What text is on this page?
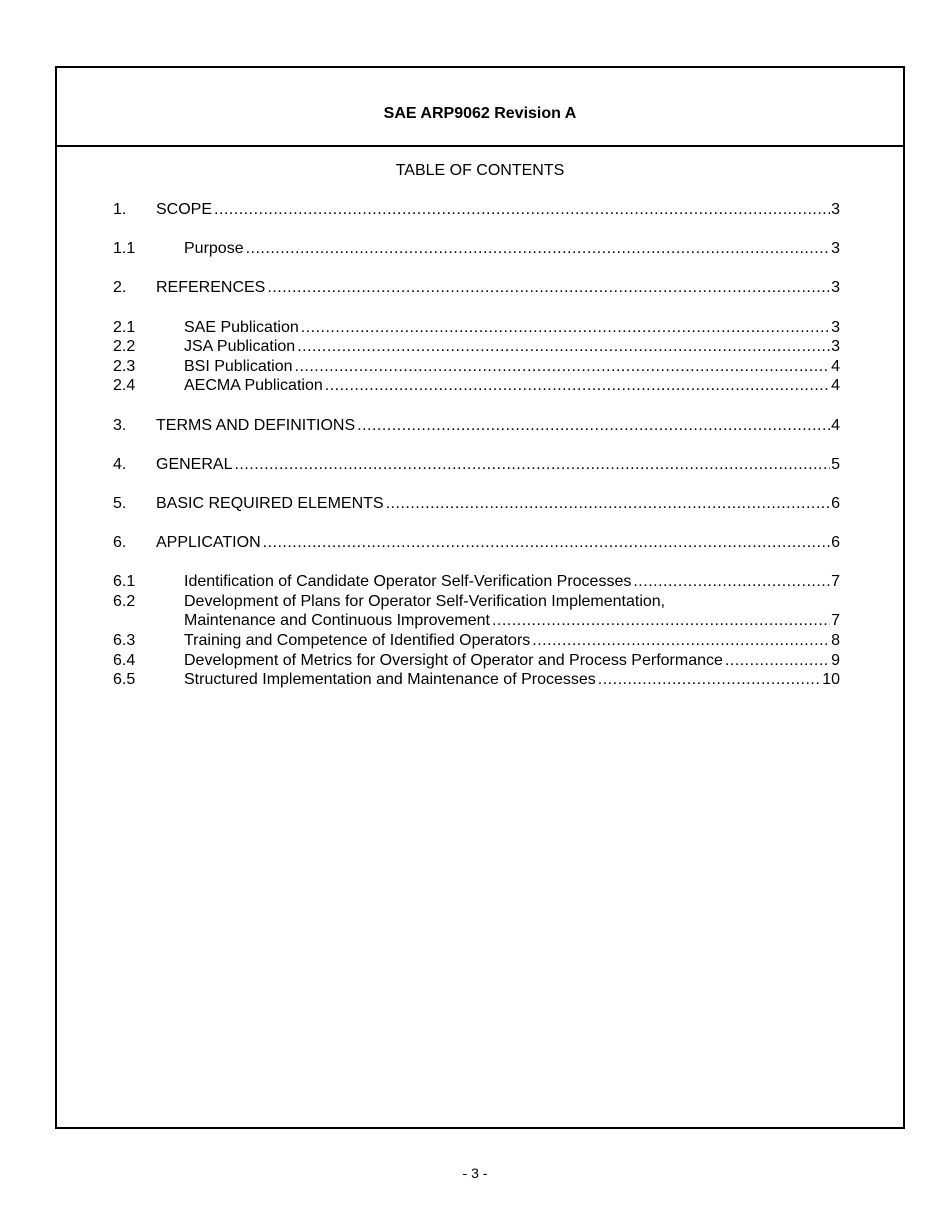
SAE ARP9062 Revision A
TABLE OF CONTENTS
1. SCOPE .....	3
1.1	Purpose .....	3
2. REFERENCES .....	3
2.1	SAE Publication .....	3
2.2	JSA Publication .....	3
2.3	BSI Publication .....	4
2.4	AECMA Publication .....	4
3. TERMS AND DEFINITIONS .....	4
4. GENERAL .....	5
5. BASIC REQUIRED ELEMENTS .....	6
6. APPLICATION .....	6
6.1	Identification of Candidate Operator Self-Verification Processes .....	7
6.2	Development of Plans for Operator Self-Verification Implementation,
Maintenance and Continuous Improvement .....	7
6.3	Training and Competence of Identified Operators .....	8
6.4	Development of Metrics for Oversight of Operator and Process Performance .....	9
6.5	Structured Implementation and Maintenance of Processes .....	10
- 3 -
